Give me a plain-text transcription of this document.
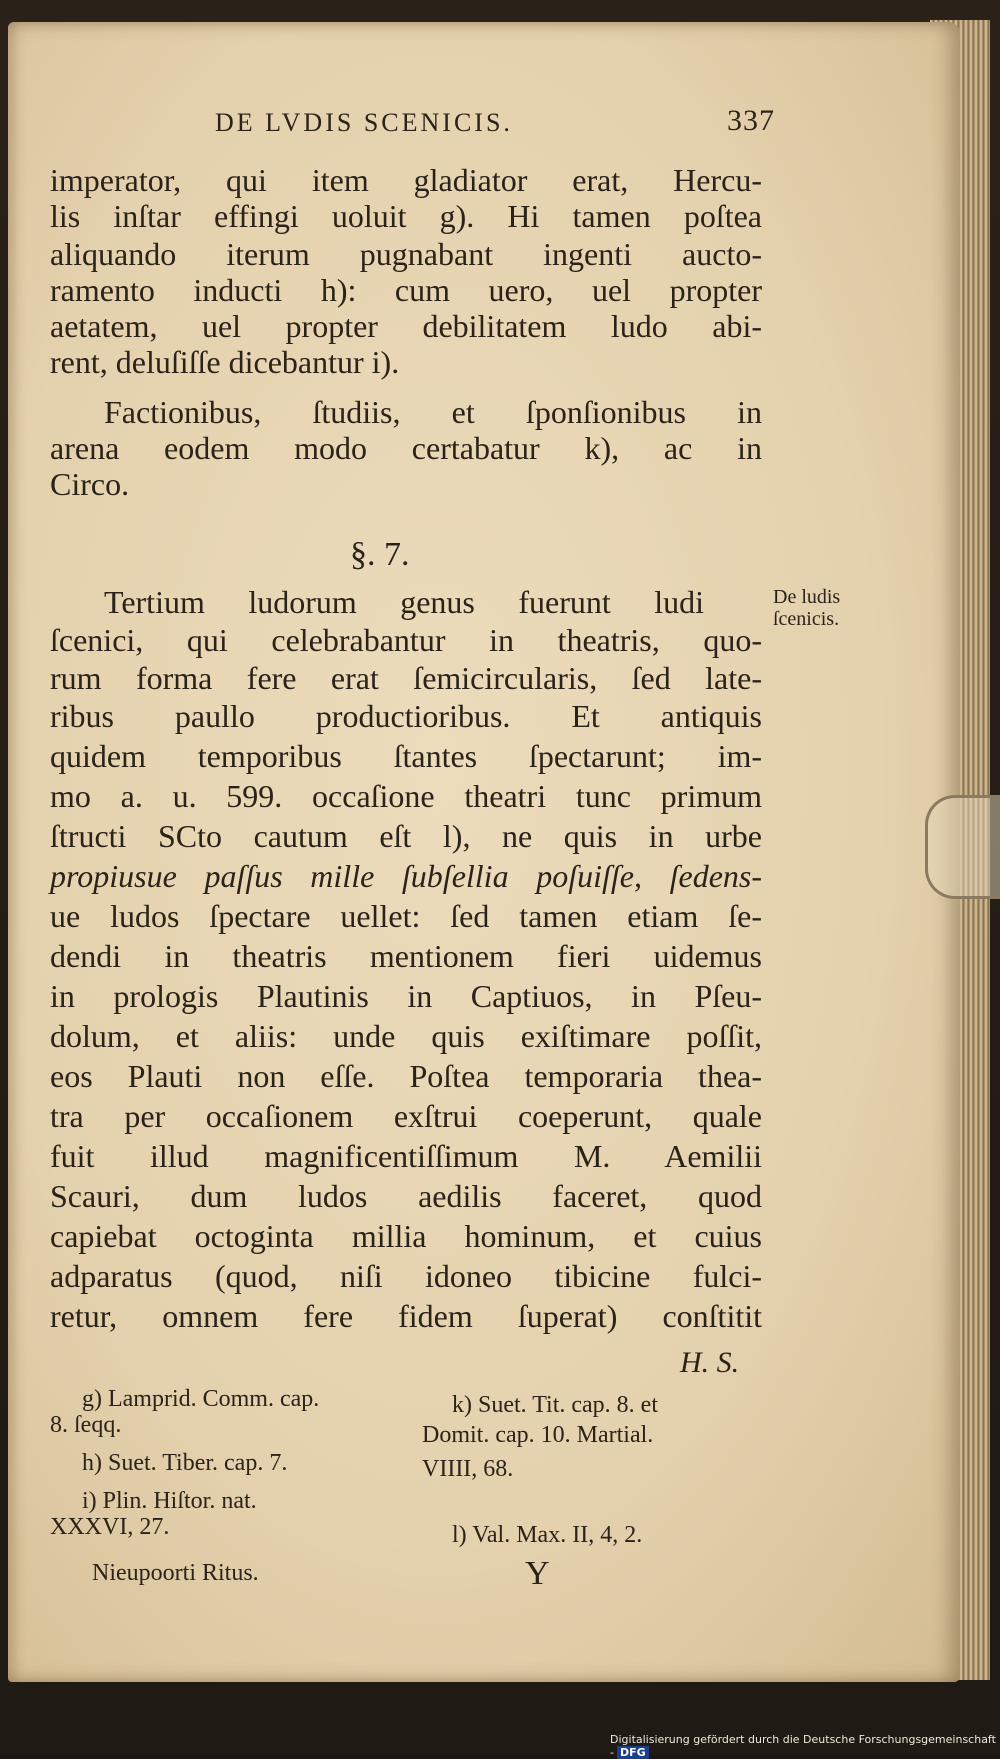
DE LVDIS SCENICIS.	337
imperator, qui item gladiator erat, Hercu-
lis inſtar effingi uoluit g). Hi tamen poſtea
aliquando iterum pugnabant ingenti aucto-
ramento inducti h): cum uero, uel propter
aetatem, uel propter debilitatem ludo abi-
rent, deluſiſſe dicebantur i).
Factionibus, ſtudiis, et ſponſionibus in
arena eodem modo certabatur k), ac in
Circo.
§. 7.
Tertium ludorum genus fuerunt ludi
ſcenici, qui celebrabantur in theatris, quo-
rum forma fere erat ſemicircularis, ſed late-
ribus paullo productioribus. Et antiquis
quidem temporibus ſtantes ſpectarunt; im-
mo a. u. 599. occaſione theatri tunc primum
ſtructi SCto cautum eſt l), ne quis in urbe
propiusue paſſus mille ſubſellia poſuiſſe, ſedens-
ue ludos ſpectare uellet: ſed tamen etiam ſe-
dendi in theatris mentionem fieri uidemus
in prologis Plautinis in Captiuos, in Pſeu-
dolum, et aliis: unde quis exiſtimare poſſit,
eos Plauti non eſſe. Poſtea temporaria thea-
tra per occaſionem exſtrui coeperunt, quale
fuit illud magnificentiſſimum M. Aemilii
Scauri, dum ludos aedilis faceret, quod
capiebat octoginta millia hominum, et cuius
adparatus (quod, niſi idoneo tibicine fulci-
retur, omnem fere fidem ſuperat) conſtitit
De ludis
ſcenicis.
H. S.
g) Lamprid. Comm. cap.
8. ſeqq.
h) Suet. Tiber. cap. 7.
i) Plin. Hiſtor. nat.
XXXVI, 27.
Nieupoorti Ritus.
k) Suet. Tit. cap. 8. et
Domit. cap. 10. Martial.
VIIII, 68.
l) Val. Max. II, 4, 2.
Y
Digitalisierung gefördert durch die Deutsche Forschungsgemeinschaft - DFG
